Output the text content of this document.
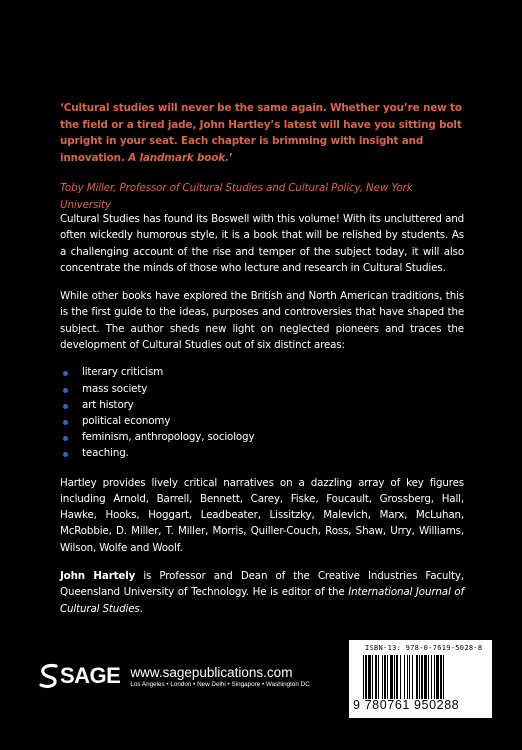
‘Cultural studies will never be the same again. Whether you’re new to the field or a tired jade, John Hartley’s latest will have you sitting bolt upright in your seat. Each chapter is brimming with insight and innovation. A landmark book.’

Toby Miller, Professor of Cultural Studies and Cultural Policy, New York University

Cultural Studies has found its Boswell with this volume! With its uncluttered and often wickedly humorous style, it is a book that will be relished by students. As a challenging account of the rise and temper of the subject today, it will also concentrate the minds of those who lecture and research in Cultural Studies.

While other books have explored the British and North American traditions, this is the first guide to the ideas, purposes and controversies that have shaped the subject. The author sheds new light on neglected pioneers and traces the development of Cultural Studies out of six distinct areas:

literary criticism
mass society
art history
political economy
feminism, anthropology, sociology
teaching.

Hartley provides lively critical narratives on a dazzling array of key figures including Arnold, Barrell, Bennett, Carey, Fiske, Foucault, Grossberg, Hall, Hawke, Hooks, Hoggart, Leadbeater, Lissitzky, Malevich, Marx, McLuhan, McRobbie, D. Miller, T. Miller, Morris, Quiller-Couch, Ross, Shaw, Urry, Williams, Wilson, Wolfe and Woolf.

John Hartely is Professor and Dean of the Creative Industries Faculty, Queensland University of Technology. He is editor of the International Journal of Cultural Studies.

SAGE www.sagepublications.com
Los Angeles • London • New Delhi • Singapore • Washington DC
ISBN-13: 978-0-7619-5028-8
9 780761 950288
